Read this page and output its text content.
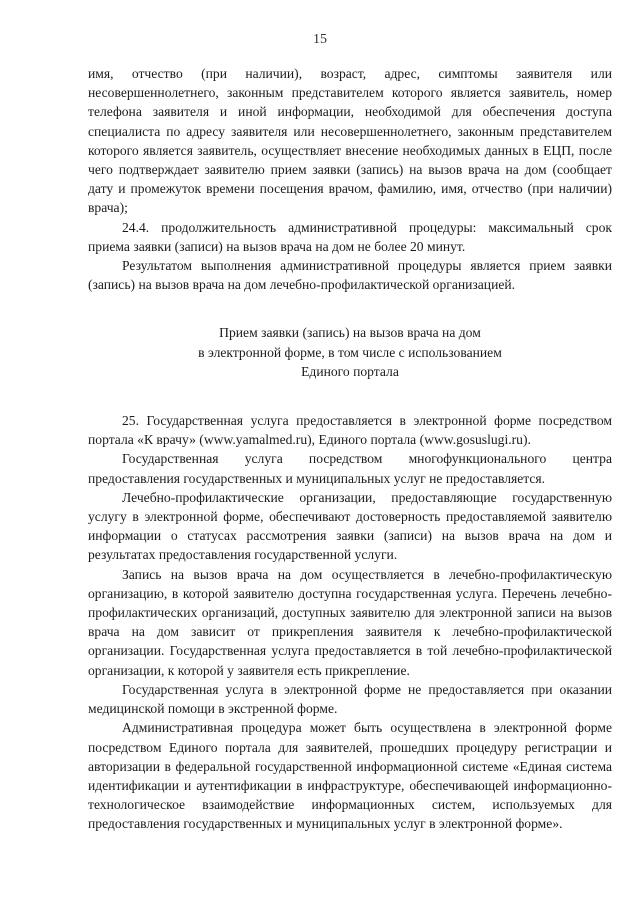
15

имя, отчество (при наличии), возраст, адрес, симптомы заявителя или несовершеннолетнего, законным представителем которого является заявитель, номер телефона заявителя и иной информации, необходимой для обеспечения доступа специалиста по адресу заявителя или несовершеннолетнего, законным представителем которого является заявитель, осуществляет внесение необходимых данных в ЕЦП, после чего подтверждает заявителю прием заявки (запись) на вызов врача на дом (сообщает дату и промежуток времени посещения врачом, фамилию, имя, отчество (при наличии) врача);

24.4. продолжительность административной процедуры: максимальный срок приема заявки (записи) на вызов врача на дом не более 20 минут.

Результатом выполнения административной процедуры является прием заявки (запись) на вызов врача на дом лечебно-профилактической организацией.

Прием заявки (запись) на вызов врача на дом
в электронной форме, в том числе с использованием
Единого портала

25. Государственная услуга предоставляется в электронной форме посредством портала «К врачу» (www.yamalmed.ru), Единого портала (www.gosuslugi.ru).

Государственная услуга посредством многофункционального центра предоставления государственных и муниципальных услуг не предоставляется.

Лечебно-профилактические организации, предоставляющие государственную услугу в электронной форме, обеспечивают достоверность предоставляемой заявителю информации о статусах рассмотрения заявки (записи) на вызов врача на дом и результатах предоставления государственной услуги.

Запись на вызов врача на дом осуществляется в лечебно-профилактическую организацию, в которой заявителю доступна государственная услуга. Перечень лечебно-профилактических организаций, доступных заявителю для электронной записи на вызов врача на дом зависит от прикрепления заявителя к лечебно-профилактической организации. Государственная услуга предоставляется в той лечебно-профилактической организации, к которой у заявителя есть прикрепление.

Государственная услуга в электронной форме не предоставляется при оказании медицинской помощи в экстренной форме.

Административная процедура может быть осуществлена в электронной форме посредством Единого портала для заявителей, прошедших процедуру регистрации и авторизации в федеральной государственной информационной системе «Единая система идентификации и аутентификации в инфраструктуре, обеспечивающей информационно-технологическое взаимодействие информационных систем, используемых для предоставления государственных и муниципальных услуг в электронной форме».
